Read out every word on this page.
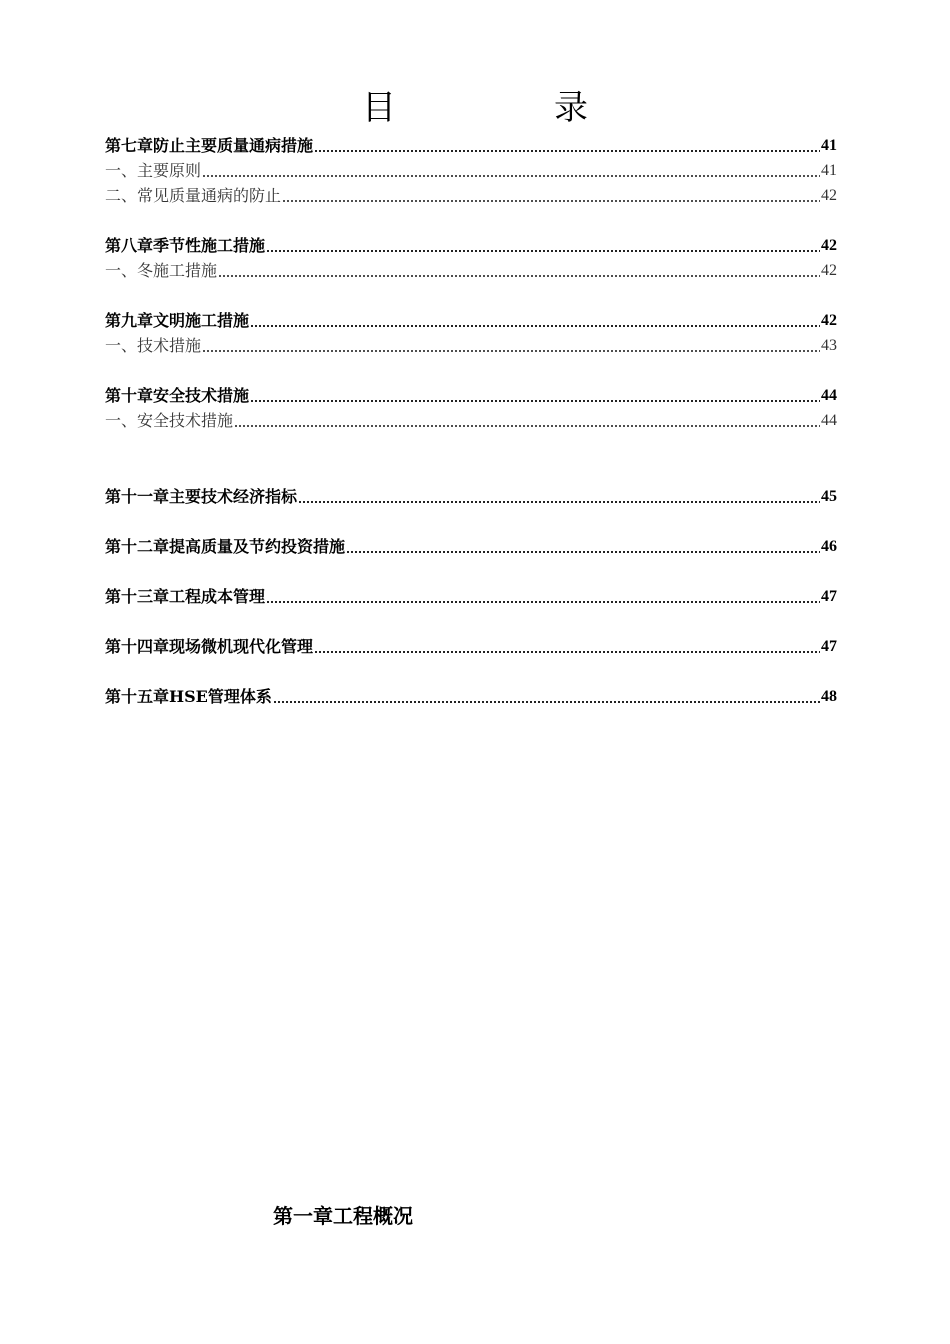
目　录
第七章防止主要质量通病措施	41
一、主要原则	41
二、常见质量通病的防止	42
第八章季节性施工措施	42
一、冬施工措施	42
第九章文明施工措施	42
一、技术措施	43
第十章安全技术措施	44
一、安全技术措施	44
第十一章主要技术经济指标	45
第十二章提高质量及节约投资措施	46
第十三章工程成本管理	47
第十四章现场微机现代化管理	47
第十五章HSE管理体系	48
第一章工程概况
